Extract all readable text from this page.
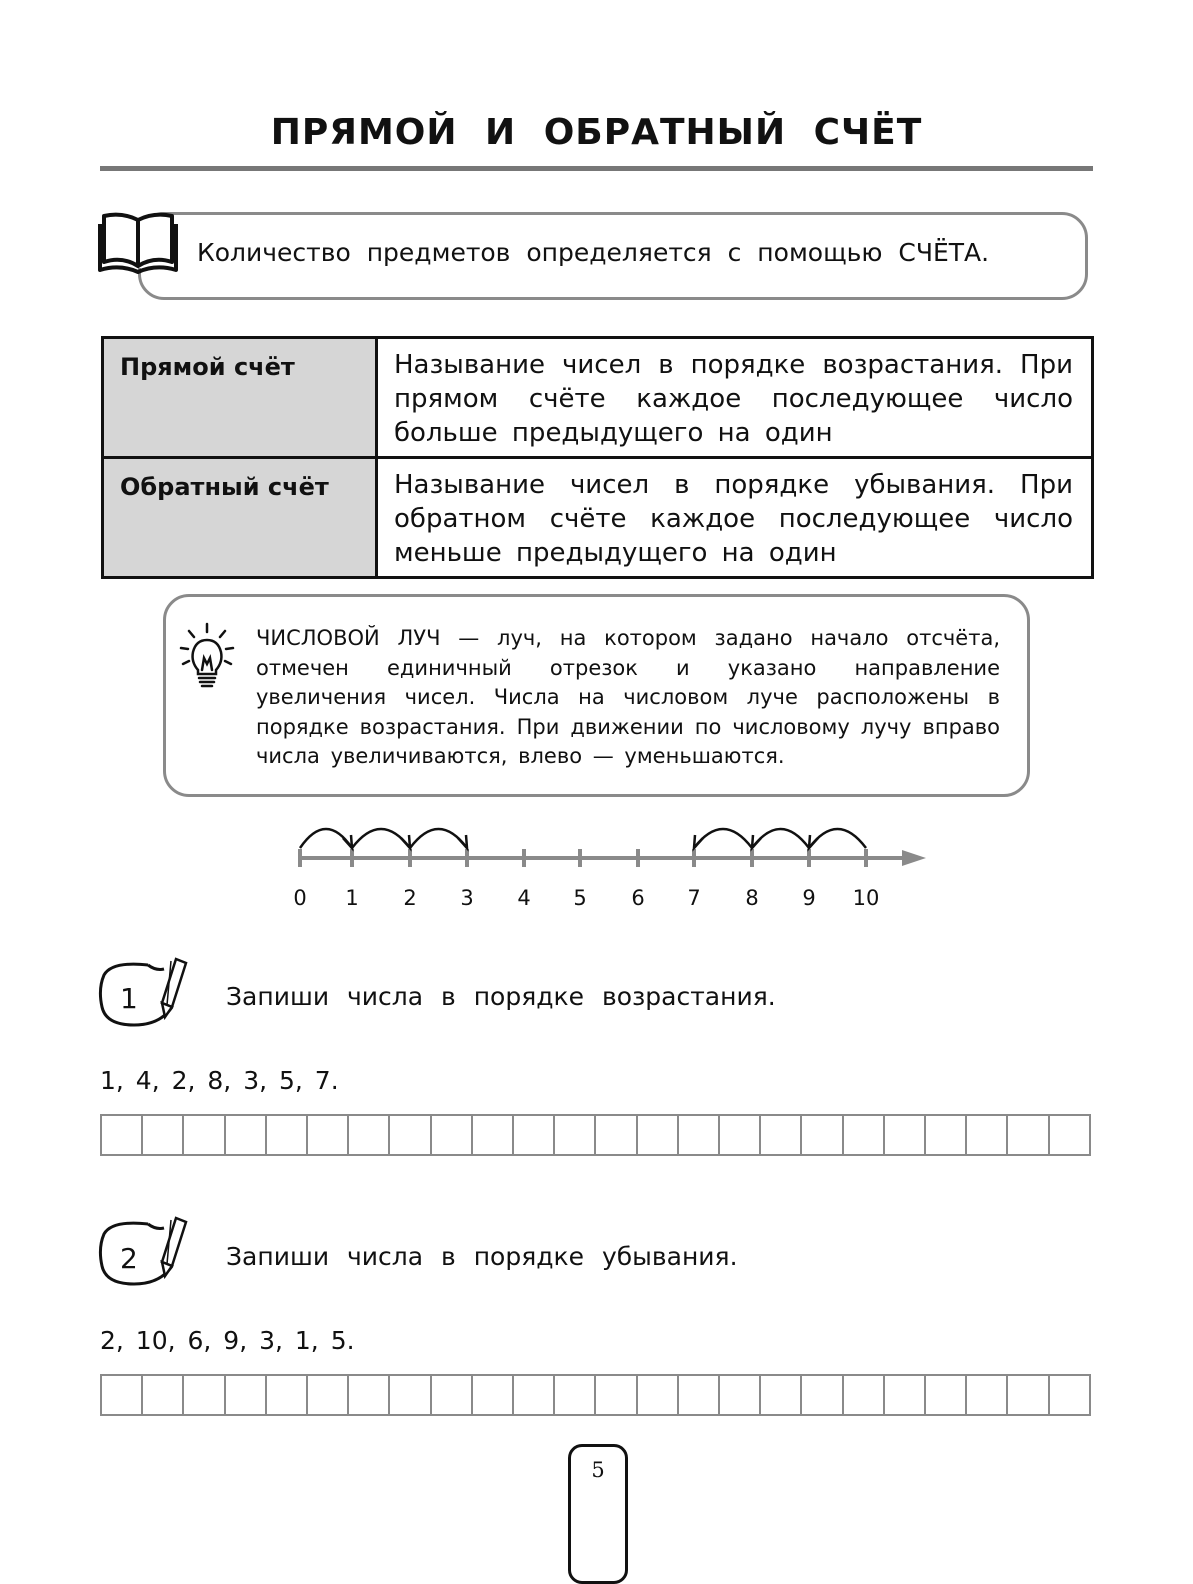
ПРЯМОЙ И ОБРАТНЫЙ СЧЁТ
Количество предметов определяется с помощью СЧЁТА.
Прямой счёт	Называние чисел в порядке возрастания. При прямом счёте каждое последующее число больше предыдущего на один
Обратный счёт	Называние чисел в порядке убывания. При обратном счёте каждое последующее число меньше предыдущего на один
ЧИСЛОВОЙ ЛУЧ — луч, на котором задано начало отсчёта, отмечен единичный отрезок и указано направление увеличения чисел. Числа на числовом луче расположены в порядке возрастания. При движении по числовому лучу вправо числа увеличиваются, влево — уменьшаются.
0 1 2 3 4 5 6 7 8 9 10
1	Запиши числа в порядке возрастания.
1, 4, 2, 8, 3, 5, 7.
2	Запиши числа в порядке убывания.
2, 10, 6, 9, 3, 1, 5.
5
